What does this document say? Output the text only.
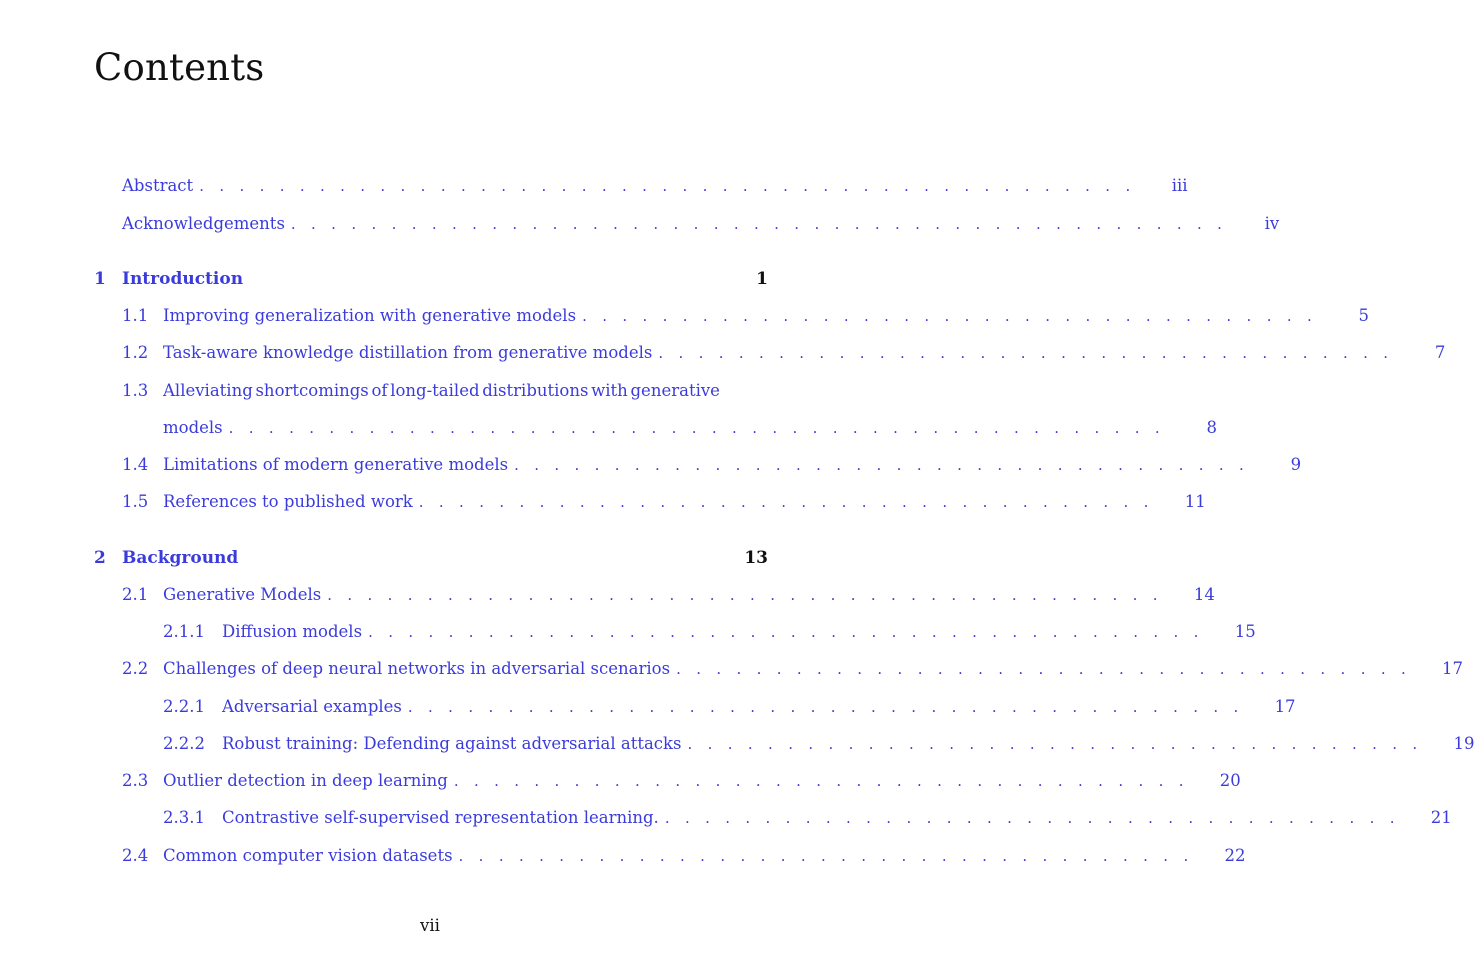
Contents
Abstract . . . . . . . . . . . . . . . . . . . . . . . . . . . . . . . . . . . . . . . . . . . . . . .	iii
Acknowledgements . . . . . . . . . . . . . . . . . . . . . . . . . . . . . . . . . . . . . . . . . . . . . . .	iv
1 Introduction	1
1.1 Improving generalization with generative models . . . . . . . . . . . . . . . . . . . . . . . . . . . . . . . . . . . . .	5
1.2 Task-aware knowledge distillation from generative models . . . . . . . . . . . . . . . . . . . . . . . . . . . . . . . . . . . . .	7
1.3 Alleviating shortcomings of long-tailed distributions with generative
models . . . . . . . . . . . . . . . . . . . . . . . . . . . . . . . . . . . . . . . . . . . . . . .	8
1.4 Limitations of modern generative models . . . . . . . . . . . . . . . . . . . . . . . . . . . . . . . . . . . . .	9
1.5 References to published work . . . . . . . . . . . . . . . . . . . . . . . . . . . . . . . . . . . . .	11
2 Background	13
2.1 Generative Models . . . . . . . . . . . . . . . . . . . . . . . . . . . . . . . . . . . . . . . . . .	14
2.1.1	Diffusion models . . . . . . . . . . . . . . . . . . . . . . . . . . . . . . . . . . . . . . . . . .	15
2.2 Challenges of deep neural networks in adversarial scenarios . . . . . . . . . . . . . . . . . . . . . . . . . . . . . . . . . . . . .	17
2.2.1	Adversarial examples . . . . . . . . . . . . . . . . . . . . . . . . . . . . . . . . . . . . . . . . . .	17
2.2.2	Robust training: Defending against adversarial attacks . . . . . . . . . . . . . . . . . . . . . . . . . . . . . . . . . . . . .	19
2.3 Outlier detection in deep learning . . . . . . . . . . . . . . . . . . . . . . . . . . . . . . . . . . . . .	20
2.3.1	Contrastive self-supervised representation learning. . . . . . . . . . . . . . . . . . . . . . . . . . . . . . . . . . . . . .	21
2.4 Common computer vision datasets . . . . . . . . . . . . . . . . . . . . . . . . . . . . . . . . . . . . .	22
vii
